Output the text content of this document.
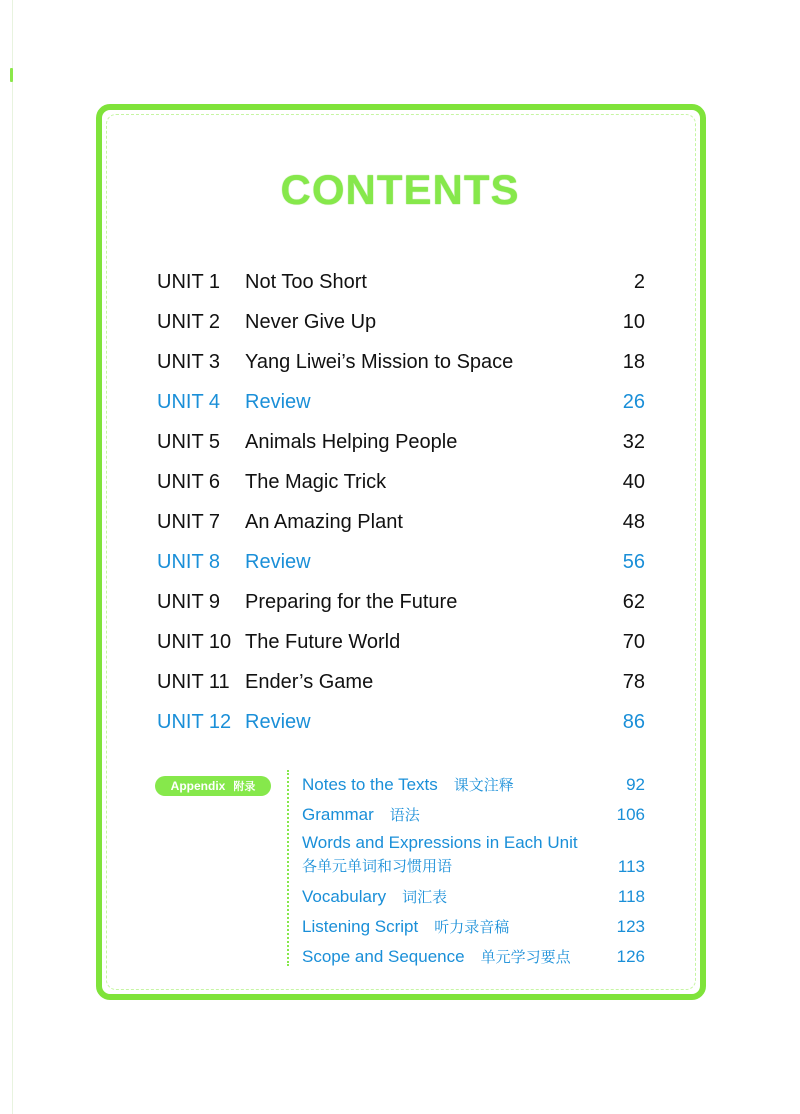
CONTENTS
UNIT 1 Not Too Short	2
UNIT 2 Never Give Up	10
UNIT 3 Yang Liwei’s Mission to Space	18
UNIT 4 Review	26
UNIT 5 Animals Helping People	32
UNIT 6 The Magic Trick	40
UNIT 7 An Amazing Plant	48
UNIT 8 Review	56
UNIT 9 Preparing for the Future	62
UNIT 10 The Future World	70
UNIT 11 Ender’s Game	78
UNIT 12 Review	86
Appendix 附录	Notes to the Texts 课文注释	92
Grammar 语法	106
Words and Expressions in Each Unit
各单元单词和习惯用语	113
Vocabulary 词汇表	118
Listening Script 听力录音稿	123
Scope and Sequence 单元学习要点	126
